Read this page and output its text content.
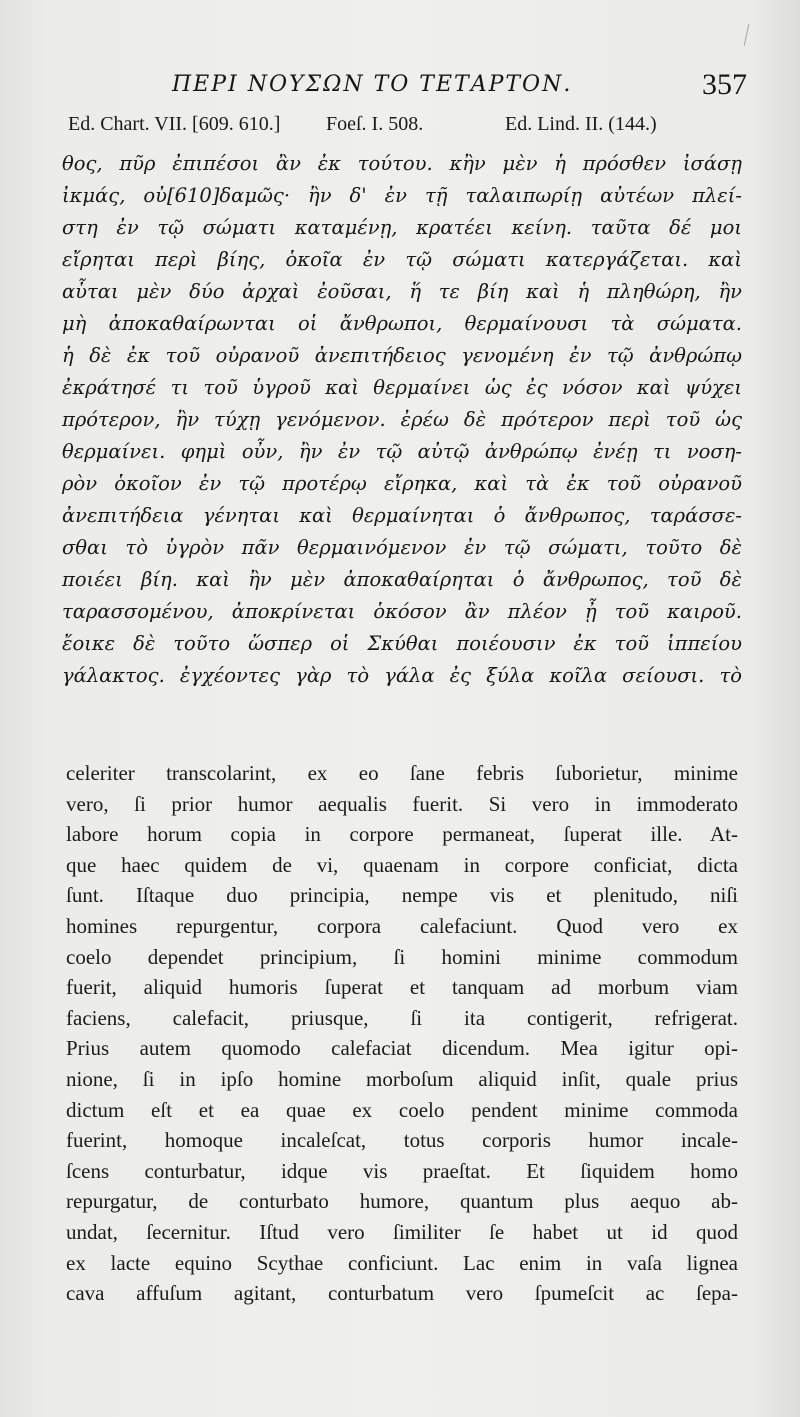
ΠΕΡΙ ΝΟΥΣΩΝ ΤΟ ΤΕΤΑΡΤΟΝ.	357
Ed. Chart. VII. [609. 610.] Foeſ. I. 508.	Ed. Lind. II. (144.)
θος, πῦρ ἐπιπέσοι ἂν ἐκ τούτου. κἢν μὲν ἡ πρόσθεν ἰσάσῃ
ἰκμάς, οὐ[610]δαμῶς· ἢν δ' ἐν τῇ ταλαιπωρίῃ αὐτέων πλεί-
στη ἐν τῷ σώματι καταμένῃ, κρατέει κείνη. ταῦτα δέ μοι
εἴρηται περὶ βίης, ὁκοῖα ἐν τῷ σώματι κατεργάζεται. καὶ
αὗται μὲν δύο ἀρχαὶ ἐοῦσαι, ἥ τε βίη καὶ ἡ πληθώρη, ἢν
μὴ ἀποκαθαίρωνται οἱ ἄνθρωποι, θερμαίνουσι τὰ σώματα.
ἡ δὲ ἐκ τοῦ οὐρανοῦ ἀνεπιτήδειος γενομένη ἐν τῷ ἀνθρώπῳ
ἐκράτησέ τι τοῦ ὑγροῦ καὶ θερμαίνει ὡς ἐς νόσον καὶ ψύχει
πρότερον, ἢν τύχῃ γενόμενον. ἐρέω δὲ πρότερον περὶ τοῦ ὡς
θερμαίνει. φημὶ οὖν, ἢν ἐν τῷ αὐτῷ ἀνθρώπῳ ἐνέῃ τι νοση-
ρὸν ὁκοῖον ἐν τῷ προτέρῳ εἴρηκα, καὶ τὰ ἐκ τοῦ οὐρανοῦ
ἀνεπιτήδεια γένηται καὶ θερμαίνηται ὁ ἄνθρωπος, ταράσσε-
σθαι τὸ ὑγρὸν πᾶν θερμαινόμενον ἐν τῷ σώματι, τοῦτο δὲ
ποιέει βίη. καὶ ἢν μὲν ἀποκαθαίρηται ὁ ἄνθρωπος, τοῦ δὲ
ταρασσομένου, ἀποκρίνεται ὁκόσον ἂν πλέον ᾖ τοῦ καιροῦ.
ἔοικε δὲ τοῦτο ὥσπερ οἱ Σκύθαι ποιέουσιν ἐκ τοῦ ἱππείου
γάλακτος. ἐγχέοντες γὰρ τὸ γάλα ἐς ξύλα κοῖλα σείουσι. τὸ
celeriter transcolarint, ex eo ſane febris ſuborietur, minime
vero, ſi prior humor aequalis fuerit. Si vero in immoderato
labore horum copia in corpore permaneat, ſuperat ille. At-
que haec quidem de vi, quaenam in corpore conficiat, dicta
ſunt. Iſtaque duo principia, nempe vis et plenitudo, niſi
homines repurgentur, corpora calefaciunt. Quod vero ex
coelo dependet principium, ſi homini minime commodum
fuerit, aliquid humoris ſuperat et tanquam ad morbum viam
faciens, calefacit, priusque, ſi ita contigerit, refrigerat.
Prius autem quomodo calefaciat dicendum. Mea igitur opi-
nione, ſi in ipſo homine morboſum aliquid inſit, quale prius
dictum eſt et ea quae ex coelo pendent minime commoda
fuerint, homoque incaleſcat, totus corporis humor incale-
ſcens conturbatur, idque vis praeſtat. Et ſiquidem homo
repurgatur, de conturbato humore, quantum plus aequo ab-
undat, ſecernitur. Iſtud vero ſimiliter ſe habet ut id quod
ex lacte equino Scythae conficiunt. Lac enim in vaſa lignea
cava affuſum agitant, conturbatum vero ſpumeſcit ac ſepa-
